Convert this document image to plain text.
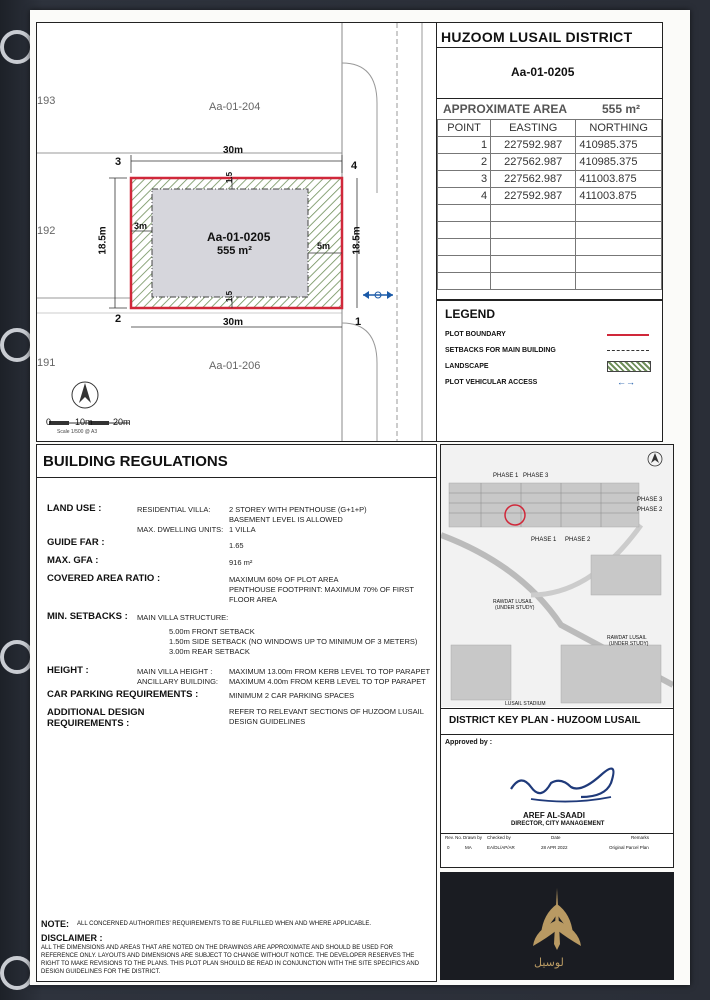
193
192
191
Aa-01-204
Aa-01-206
Aa-01-0205
555 m²
30m
30m
18.5m	18.5m
3m
5m
1.5
1.5
1
2
3	4
0	10m 20m
Scale 1/500 @ A3
HUZOOM LUSAIL DISTRICT
Aa-01-0205
APPROXIMATE AREA	555 m²
POINT	EASTING	NORTHING
1	227592.987	410985.375
2	227562.987	410985.375
3	227562.987	411003.875
4	227592.987	411003.875

LEGEND
PLOT BOUNDARY
SETBACKS FOR MAIN BUILDING
LANDSCAPE
PLOT VEHICULAR ACCESS	←→
BUILDING REGULATIONS
LAND USE :	RESIDENTIAL VILLA: 2 STOREY WITH PENTHOUSE (G+1+P)
BASEMENT LEVEL IS ALLOWED
MAX. DWELLING UNITS: 1 VILLA
GUIDE FAR :	1.65
MAX. GFA :	916 m²
COVERED AREA RATIO :	MAXIMUM 60% OF PLOT AREA
PENTHOUSE FOOTPRINT: MAXIMUM 70% OF FIRST
FLOOR AREA
MIN. SETBACKS : MAIN VILLA STRUCTURE:
5.00m FRONT SETBACK
1.50m SIDE SETBACK (NO WINDOWS UP TO MINIMUM OF 3 METERS)
3.00m REAR SETBACK
HEIGHT :	MAIN VILLA HEIGHT : MAXIMUM 13.00m FROM KERB LEVEL TO TOP PARAPET
ANCILLARY BUILDING: MAXIMUM 4.00m FROM KERB LEVEL TO TOP PARAPET
CAR PARKING REQUIREMENTS :	MINIMUM 2 CAR PARKING SPACES
ADDITIONAL DESIGN
REQUIREMENTS :
REFER TO RELEVANT SECTIONS OF HUZOOM LUSAIL
DESIGN GUIDELINES
NOTE: ALL CONCERNED AUTHORITIES' REQUIREMENTS TO BE FULFILLED WHEN AND WHERE APPLICABLE.
DISCLAIMER :
ALL THE DIMENSIONS AND AREAS THAT ARE NOTED ON THE DRAWINGS ARE APPROXIMATE AND SHOULD BE USED FOR
REFERENCE ONLY. LAYOUTS AND DIMENSIONS ARE SUBJECT TO CHANGE WITHOUT NOTICE. THE DEVELOPER RESERVES THE
RIGHT TO MAKE REVISIONS TO THE PLANS. THIS PLOT PLAN SHOULD BE READ IN CONJUNCTION WITH THE SITE SPECIFICS AND
DESIGN GUIDELINES FOR THE DISTRICT.
PHASE 1 PHASE 3
PHASE 3
PHASE 2
PHASE 1 PHASE 2
RAWDAT LUSAIL
(UNDER STUDY)
RAWDAT LUSAIL
(UNDER STUDY)
LUSAIL STADIUM
DISTRICT KEY PLAN - HUZOOM LUSAIL
Approved by :
AREF AL-SAADI
DIRECTOR, CITY MANAGEMENT
Rev. No. Drawn by Checked by	Date	Remarks
0	MA	EA/DL/AP/AR	28 APR 2022	Original Parcel Plan
لوسيل
